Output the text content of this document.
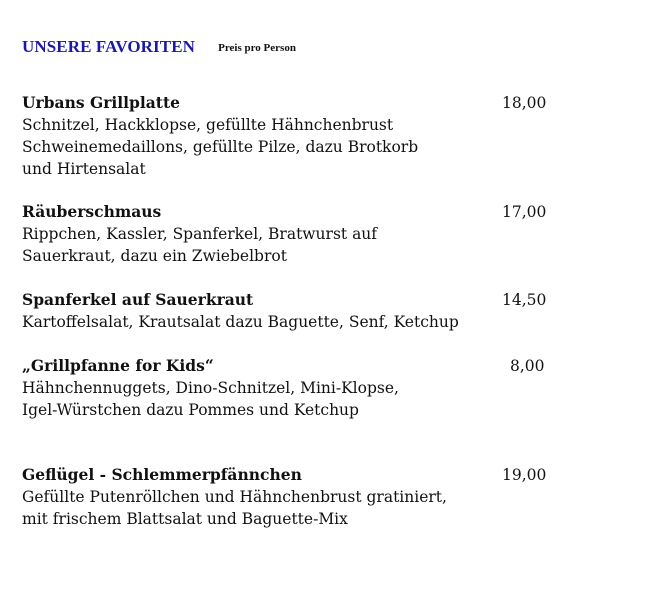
UNSERE FAVORITEN Preis pro Person
Urbans Grillplatte	18,00
Schnitzel, Hackklopse, gefüllte Hähnchenbrust
Schweinemedaillons, gefüllte Pilze, dazu Brotkorb
und Hirtensalat
Räuberschmaus	17,00
Rippchen, Kassler, Spanferkel, Bratwurst auf
Sauerkraut, dazu ein Zwiebelbrot
Spanferkel auf Sauerkraut	14,50
Kartoffelsalat, Krautsalat dazu Baguette, Senf, Ketchup
„Grillpfanne for Kids“	8,00
Hähnchennuggets, Dino-Schnitzel, Mini-Klopse,
Igel-Würstchen dazu Pommes und Ketchup
Geflügel - Schlemmerpfännchen	19,00
Gefüllte Putenröllchen und Hähnchenbrust gratiniert,
mit frischem Blattsalat und Baguette-Mix
